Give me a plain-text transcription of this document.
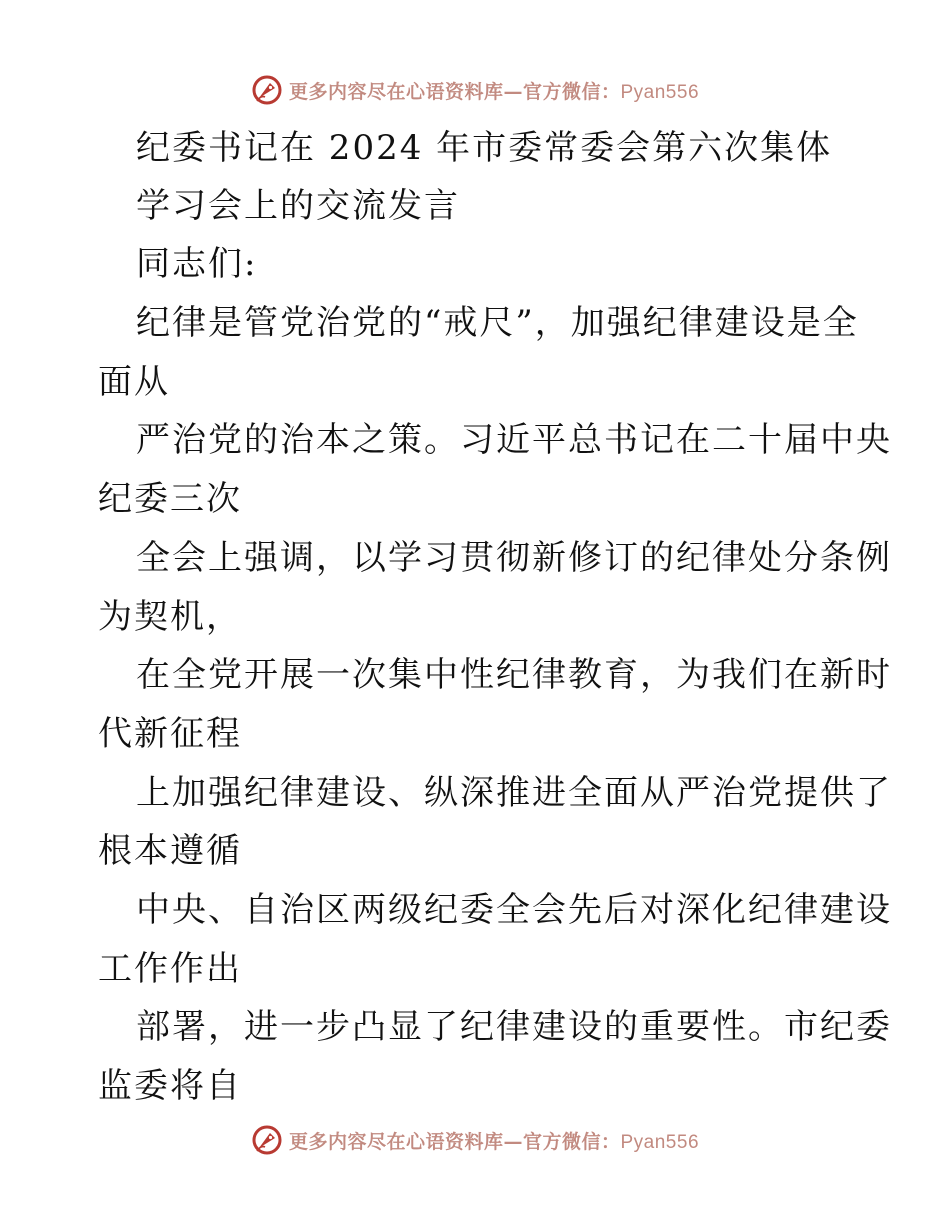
更多内容尽在心语资料库—官方微信：Pyan556
纪委书记在 2024 年市委常委会第六次集体
学习会上的交流发言
同志们:
纪律是管党治党的“戒尺”，加强纪律建设是全
面从
严治党的治本之策。习近平总书记在二十届中央
纪委三次
全会上强调，以学习贯彻新修订的纪律处分条例
为契机，
在全党开展一次集中性纪律教育，为我们在新时
代新征程
上加强纪律建设、纵深推进全面从严治党提供了
根本遵循
中央、自治区两级纪委全会先后对深化纪律建设
工作作出
部署，进一步凸显了纪律建设的重要性。市纪委
监委将自
更多内容尽在心语资料库—官方微信：Pyan556
